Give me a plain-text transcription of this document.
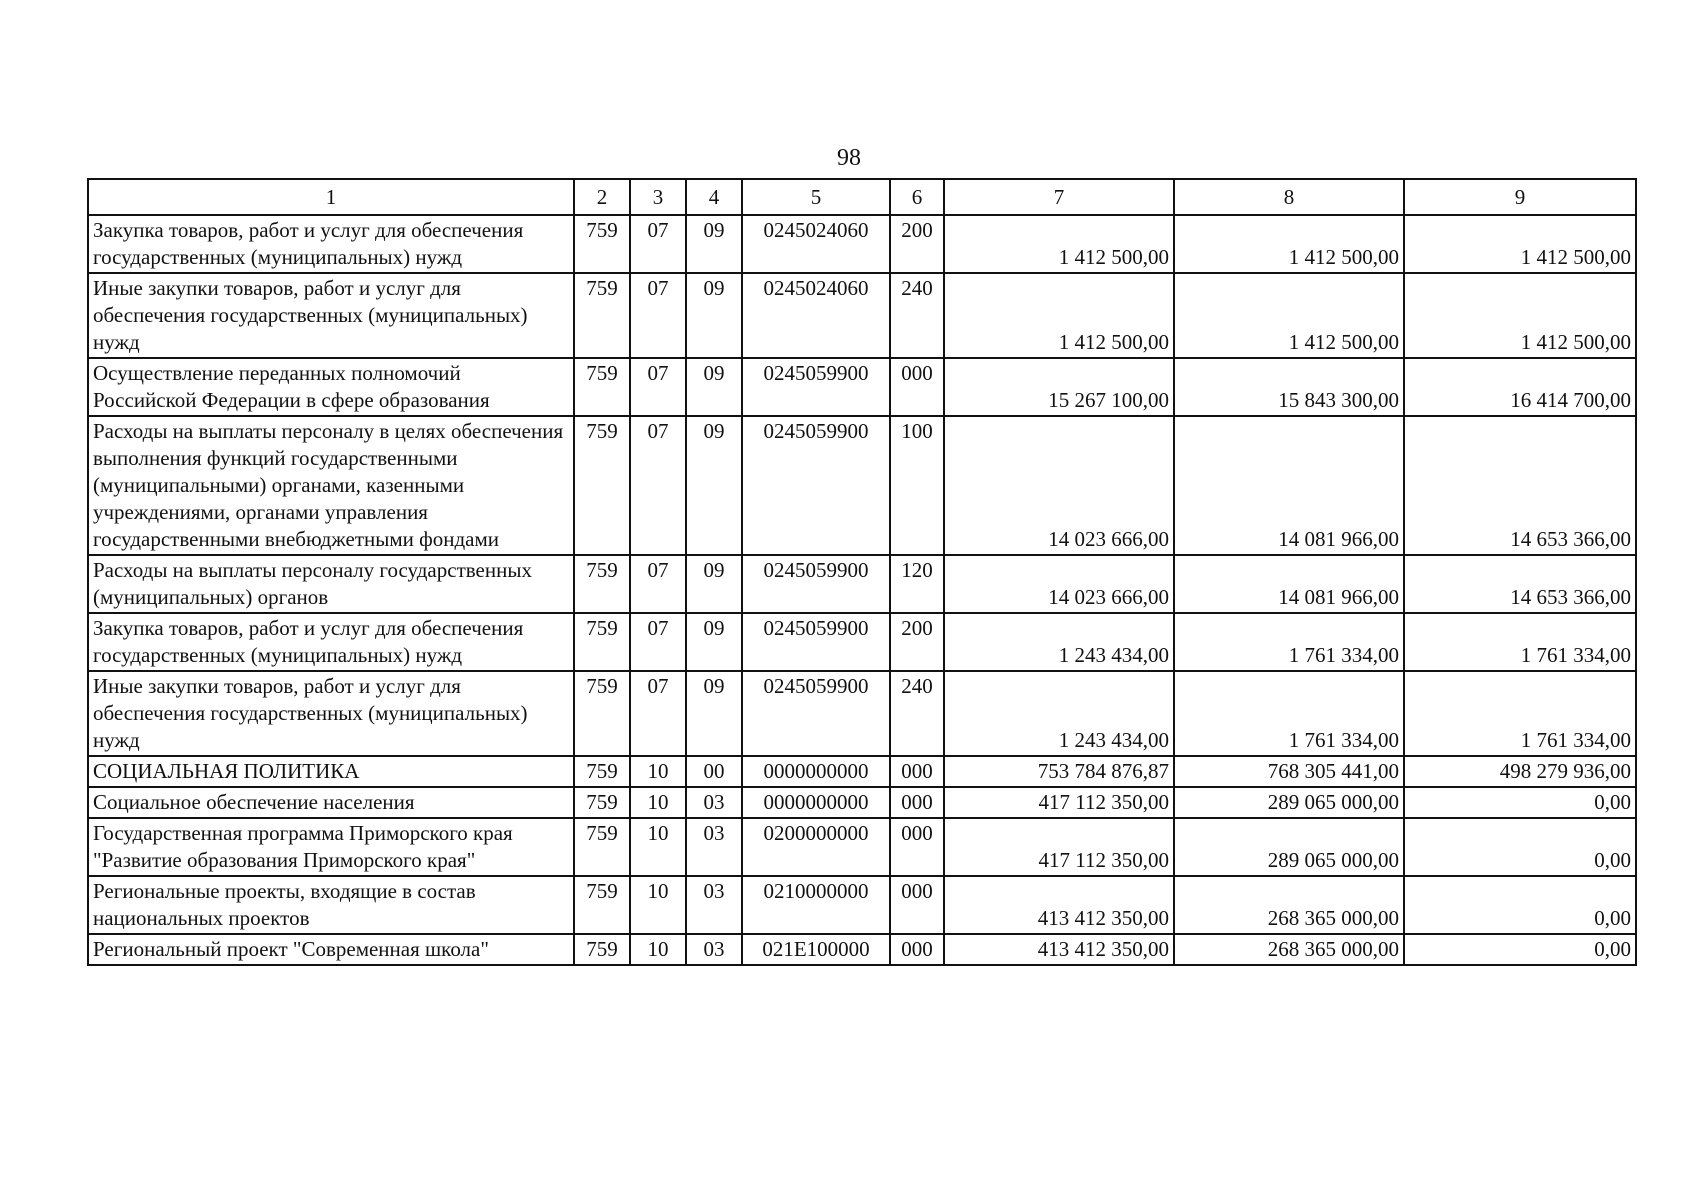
98
1	2	3	4	5	6	7	8	9
Закупка товаров, работ и услуг для обеспечения государственных (муниципальных) нужд	759	07	09	0245024060	200	1 412 500,00	1 412 500,00	1 412 500,00
Иные закупки товаров, работ и услуг для обеспечения государственных (муниципальных) нужд	759	07	09	0245024060	240	1 412 500,00	1 412 500,00	1 412 500,00
Осуществление переданных полномочий Российской Федерации в сфере образования	759	07	09	0245059900	000	15 267 100,00	15 843 300,00	16 414 700,00
Расходы на выплаты персоналу в целях обеспечения выполнения функций государственными (муниципальными) органами, казенными учреждениями, органами управления государственными внебюджетными фондами	759	07	09	0245059900	100	14 023 666,00	14 081 966,00	14 653 366,00
Расходы на выплаты персоналу государственных (муниципальных) органов	759	07	09	0245059900	120	14 023 666,00	14 081 966,00	14 653 366,00
Закупка товаров, работ и услуг для обеспечения государственных (муниципальных) нужд	759	07	09	0245059900	200	1 243 434,00	1 761 334,00	1 761 334,00
Иные закупки товаров, работ и услуг для обеспечения государственных (муниципальных) нужд	759	07	09	0245059900	240	1 243 434,00	1 761 334,00	1 761 334,00
СОЦИАЛЬНАЯ ПОЛИТИКА	759	10	00	0000000000	000	753 784 876,87	768 305 441,00	498 279 936,00
Социальное обеспечение населения	759	10	03	0000000000	000	417 112 350,00	289 065 000,00	0,00
Государственная программа Приморского края "Развитие образования Приморского края"	759	10	03	0200000000	000	417 112 350,00	289 065 000,00	0,00
Региональные проекты, входящие в состав национальных проектов	759	10	03	0210000000	000	413 412 350,00	268 365 000,00	0,00
Региональный проект "Современная школа"	759	10	03	021E100000	000	413 412 350,00	268 365 000,00	0,00
